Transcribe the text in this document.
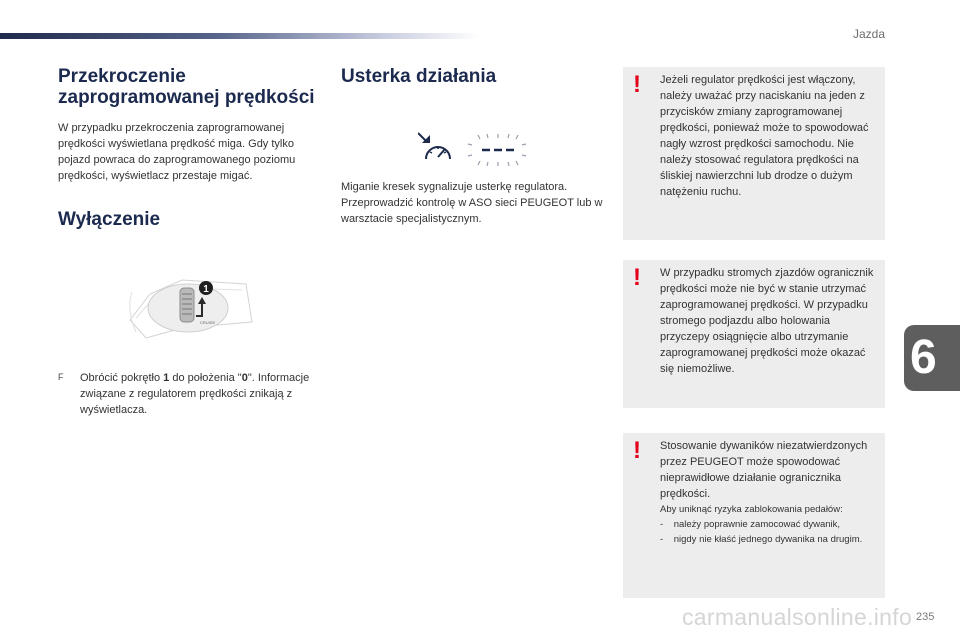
Jazda
Przekroczenie zaprogramowanej prędkości

W przypadku przekroczenia zaprogramowanej prędkości wyświetlana prędkość miga. Gdy tylko pojazd powraca do zaprogramowanego poziomu prędkości, wyświetlacz przestaje migać.

Wyłączenie
1
CRUISE
F	Obrócić pokrętło 1 do położenia "0". Informacje związane z regulatorem prędkości znikają z wyświetlacza.

Usterka działania

Miganie kresek sygnalizuje usterkę regulatora. Przeprowadzić kontrolę w ASO sieci PEUGEOT lub w warsztacie specjalistycznym.

! Jeżeli regulator prędkości jest włączony, należy uważać przy naciskaniu na jeden z przycisków zmiany zaprogramowanej prędkości, ponieważ może to spowodować nagły wzrost prędkości samochodu. Nie należy stosować regulatora prędkości na śliskiej nawierzchni lub drodze o dużym natężeniu ruchu.

! W przypadku stromych zjazdów ogranicznik prędkości może nie być w stanie utrzymać zaprogramowanej prędkości. W przypadku stromego podjazdu albo holowania przyczepy osiągnięcie albo utrzymanie zaprogramowanej prędkości może okazać się niemożliwe.

! Stosowanie dywaników niezatwierdzonych przez PEUGEOT może spowodować nieprawidłowe działanie ogranicznika prędkości.
Aby uniknąć ryzyka zablokowania pedałów:
-    należy poprawnie zamocować dywanik,
-    nigdy nie kłaść jednego dywanika na drugim.
6
carmanualsonline.info 235
